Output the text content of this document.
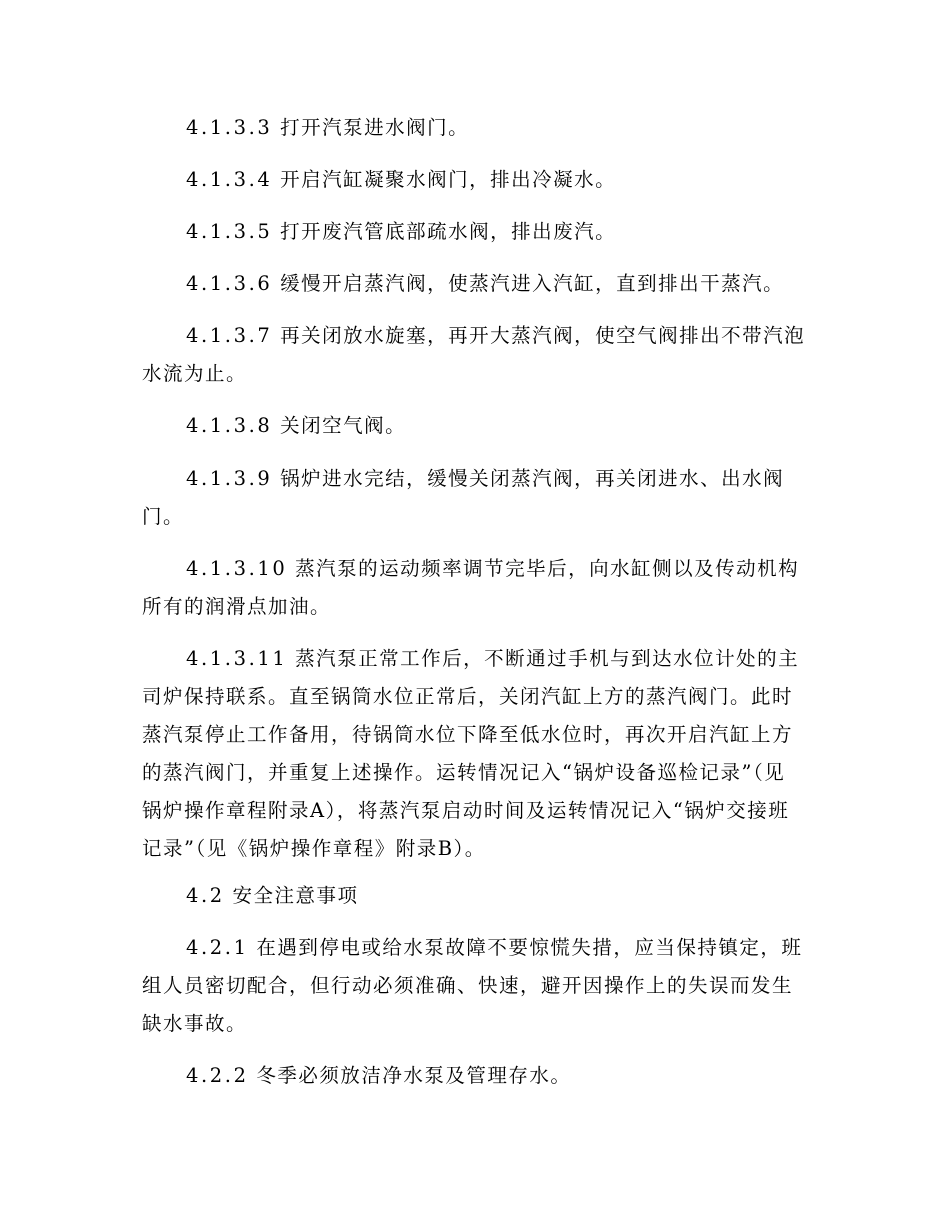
4.1.3.3 打开汽泵进水阀门。

4.1.3.4 开启汽缸凝聚水阀门，排出冷凝水。

4.1.3.5 打开废汽管底部疏水阀，排出废汽。

4.1.3.6 缓慢开启蒸汽阀，使蒸汽进入汽缸，直到排出干蒸汽。

4.1.3.7 再关闭放水旋塞，再开大蒸汽阀，使空气阀排出不带汽泡水流为止。

4.1.3.8 关闭空气阀。

4.1.3.9 锅炉进水完结，缓慢关闭蒸汽阀，再关闭进水、出水阀门。

4.1.3.10 蒸汽泵的运动频率调节完毕后，向水缸侧以及传动机构所有的润滑点加油。

4.1.3.11 蒸汽泵正常工作后，不断通过手机与到达水位计处的主司炉保持联系。直至锅筒水位正常后，关闭汽缸上方的蒸汽阀门。此时蒸汽泵停止工作备用，待锅筒水位下降至低水位时，再次开启汽缸上方的蒸汽阀门，并重复上述操作。运转情况记入“锅炉设备巡检记录”（见锅炉操作章程附录A），将蒸汽泵启动时间及运转情况记入“锅炉交接班记录”（见《锅炉操作章程》附录B）。

4.2 安全注意事项

4.2.1 在遇到停电或给水泵故障不要惊慌失措，应当保持镇定，班组人员密切配合，但行动必须准确、快速，避开因操作上的失误而发生缺水事故。

4.2.2 冬季必须放洁净水泵及管理存水。
